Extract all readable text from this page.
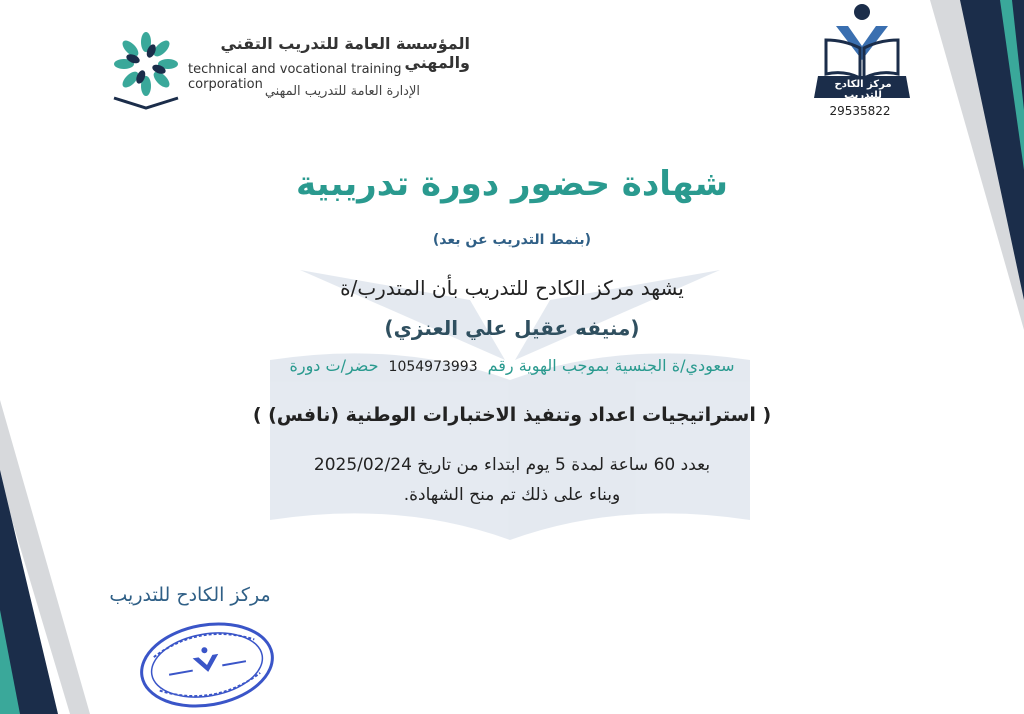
المؤسسة العامة للتدريب التقني والمهني
technical and vocational training corporation الإدارة العامة للتدريب المهني	مركز الكادح للتدريب
29535822
شهادة حضور دورة تدريبية
(بنمط التدريب عن بعد)
يشهد مركز الكادح للتدريب بأن المتدرب/ة
(منيفه عقيل علي العنزي)
سعودي/ة الجنسية بموجب الهوية رقم1054973993حضر/ت دورة
( استراتيجيات اعداد وتنفيذ الاختبارات الوطنية (نافس) )
بعدد 60 ساعة لمدة 5 يوم ابتداء من تاريخ 2025/02/24
وبناء على ذلك تم منح الشهادة.
مركز الكادح للتدريب
